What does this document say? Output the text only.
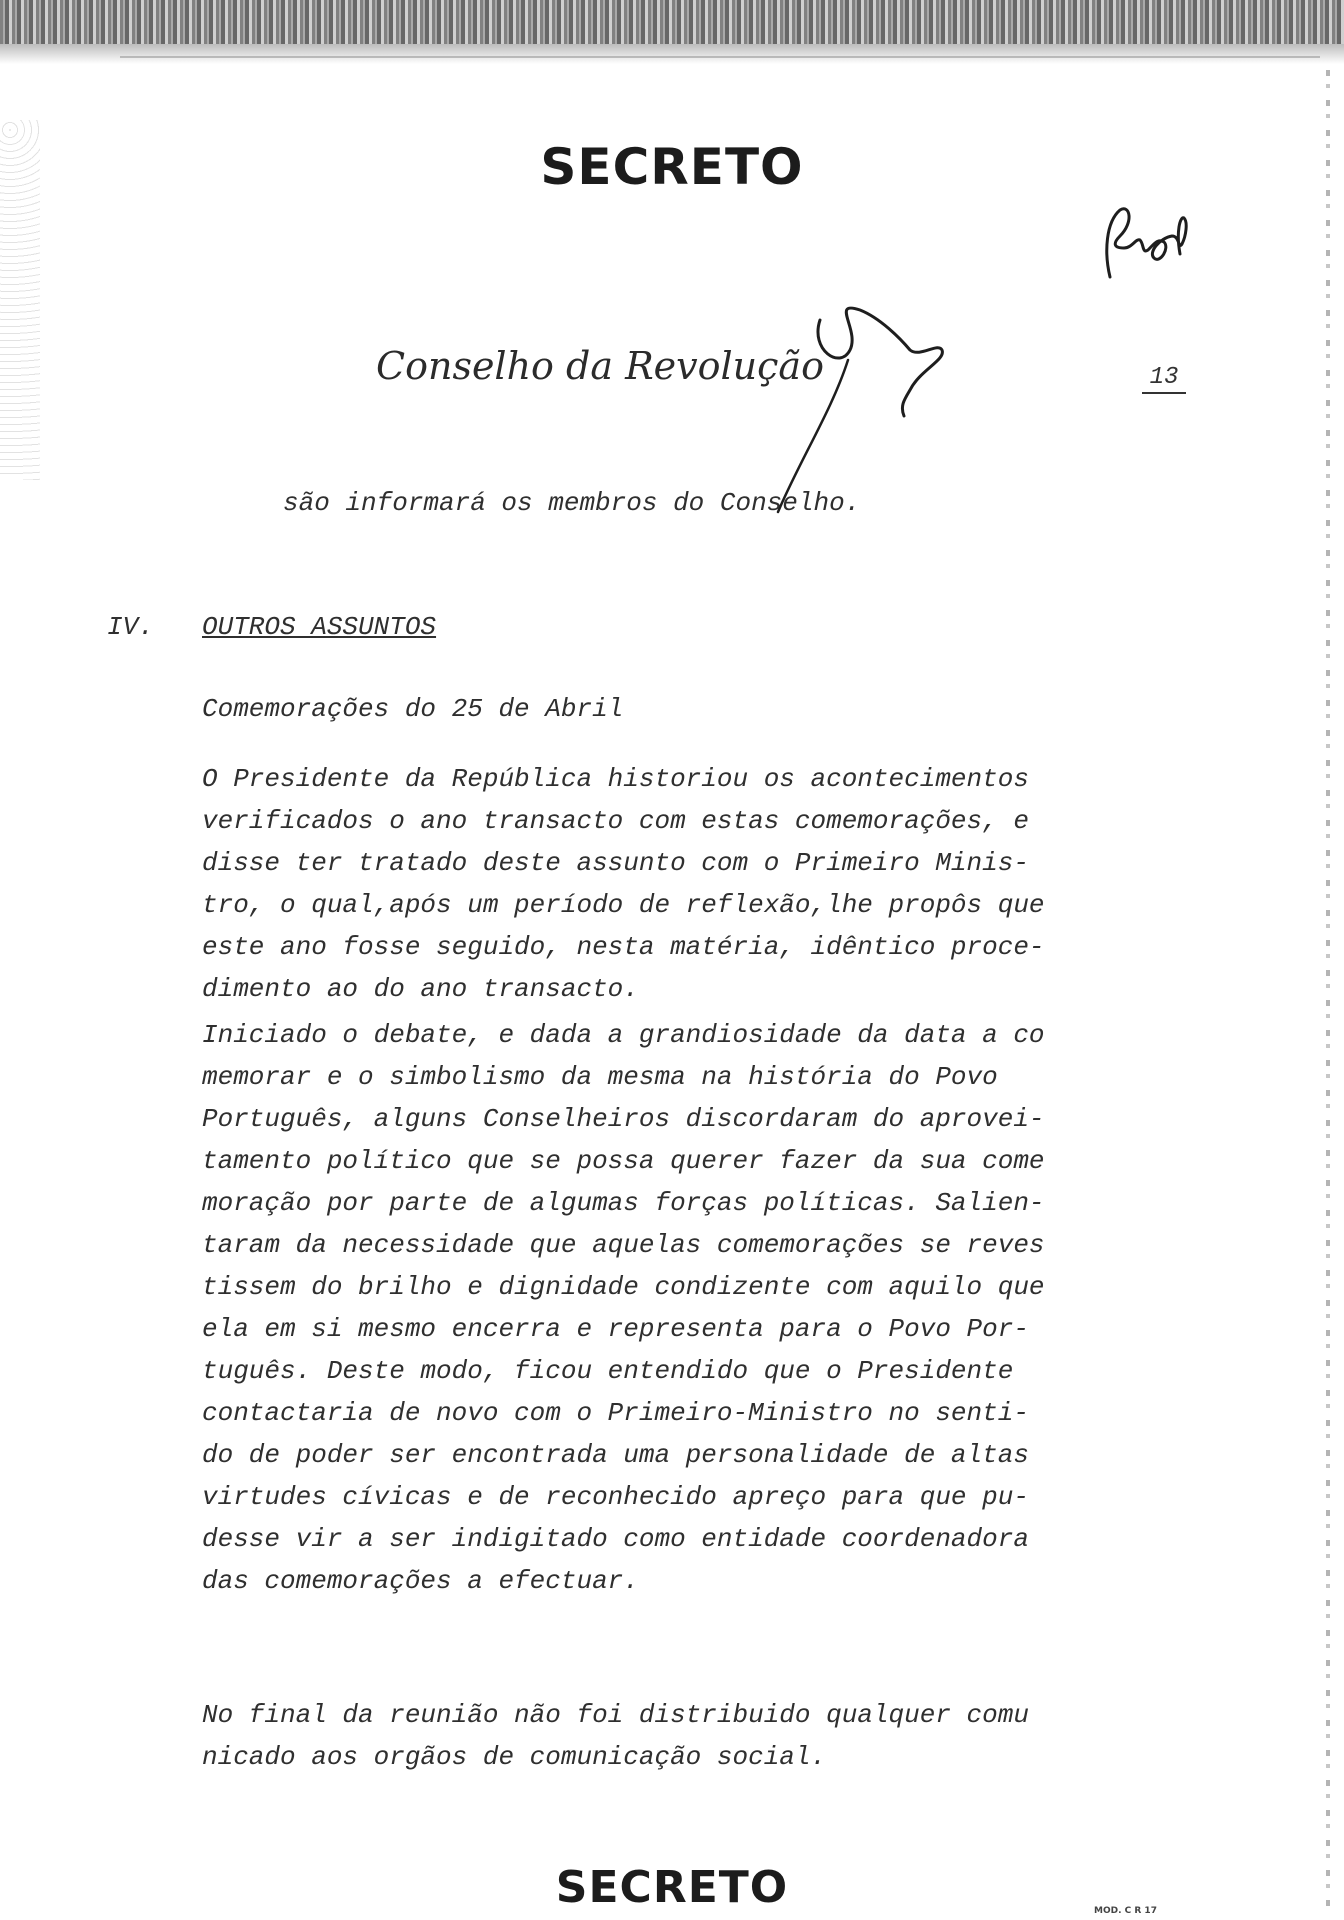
SECRETO
Conselho da Revolução	13
são informará os membros do Conselho.
IV. OUTROS ASSUNTOS
Comemorações do 25 de Abril
O Presidente da República historiou os acontecimentos
verificados o ano transacto com estas comemorações, e
disse ter tratado deste assunto com o Primeiro Minis-
tro, o qual,após um período de reflexão,lhe propôs que
este ano fosse seguido, nesta matéria, idêntico proce-
dimento ao do ano transacto.
Iniciado o debate, e dada a grandiosidade da data a co
memorar e o simbolismo da mesma na história do Povo
Português, alguns Conselheiros discordaram do aprovei-
tamento político que se possa querer fazer da sua come
moração por parte de algumas forças políticas. Salien-
taram da necessidade que aquelas comemorações se reves
tissem do brilho e dignidade condizente com aquilo que
ela em si mesmo encerra e representa para o Povo Por-
tuguês. Deste modo, ficou entendido que o Presidente
contactaria de novo com o Primeiro-Ministro no senti-
do de poder ser encontrada uma personalidade de altas
virtudes cívicas e de reconhecido apreço para que pu-
desse vir a ser indigitado como entidade coordenadora
das comemorações a efectuar.
No final da reunião não foi distribuido qualquer comu
nicado aos orgãos de comunicação social.
SECRETO	MOD. C R 17
